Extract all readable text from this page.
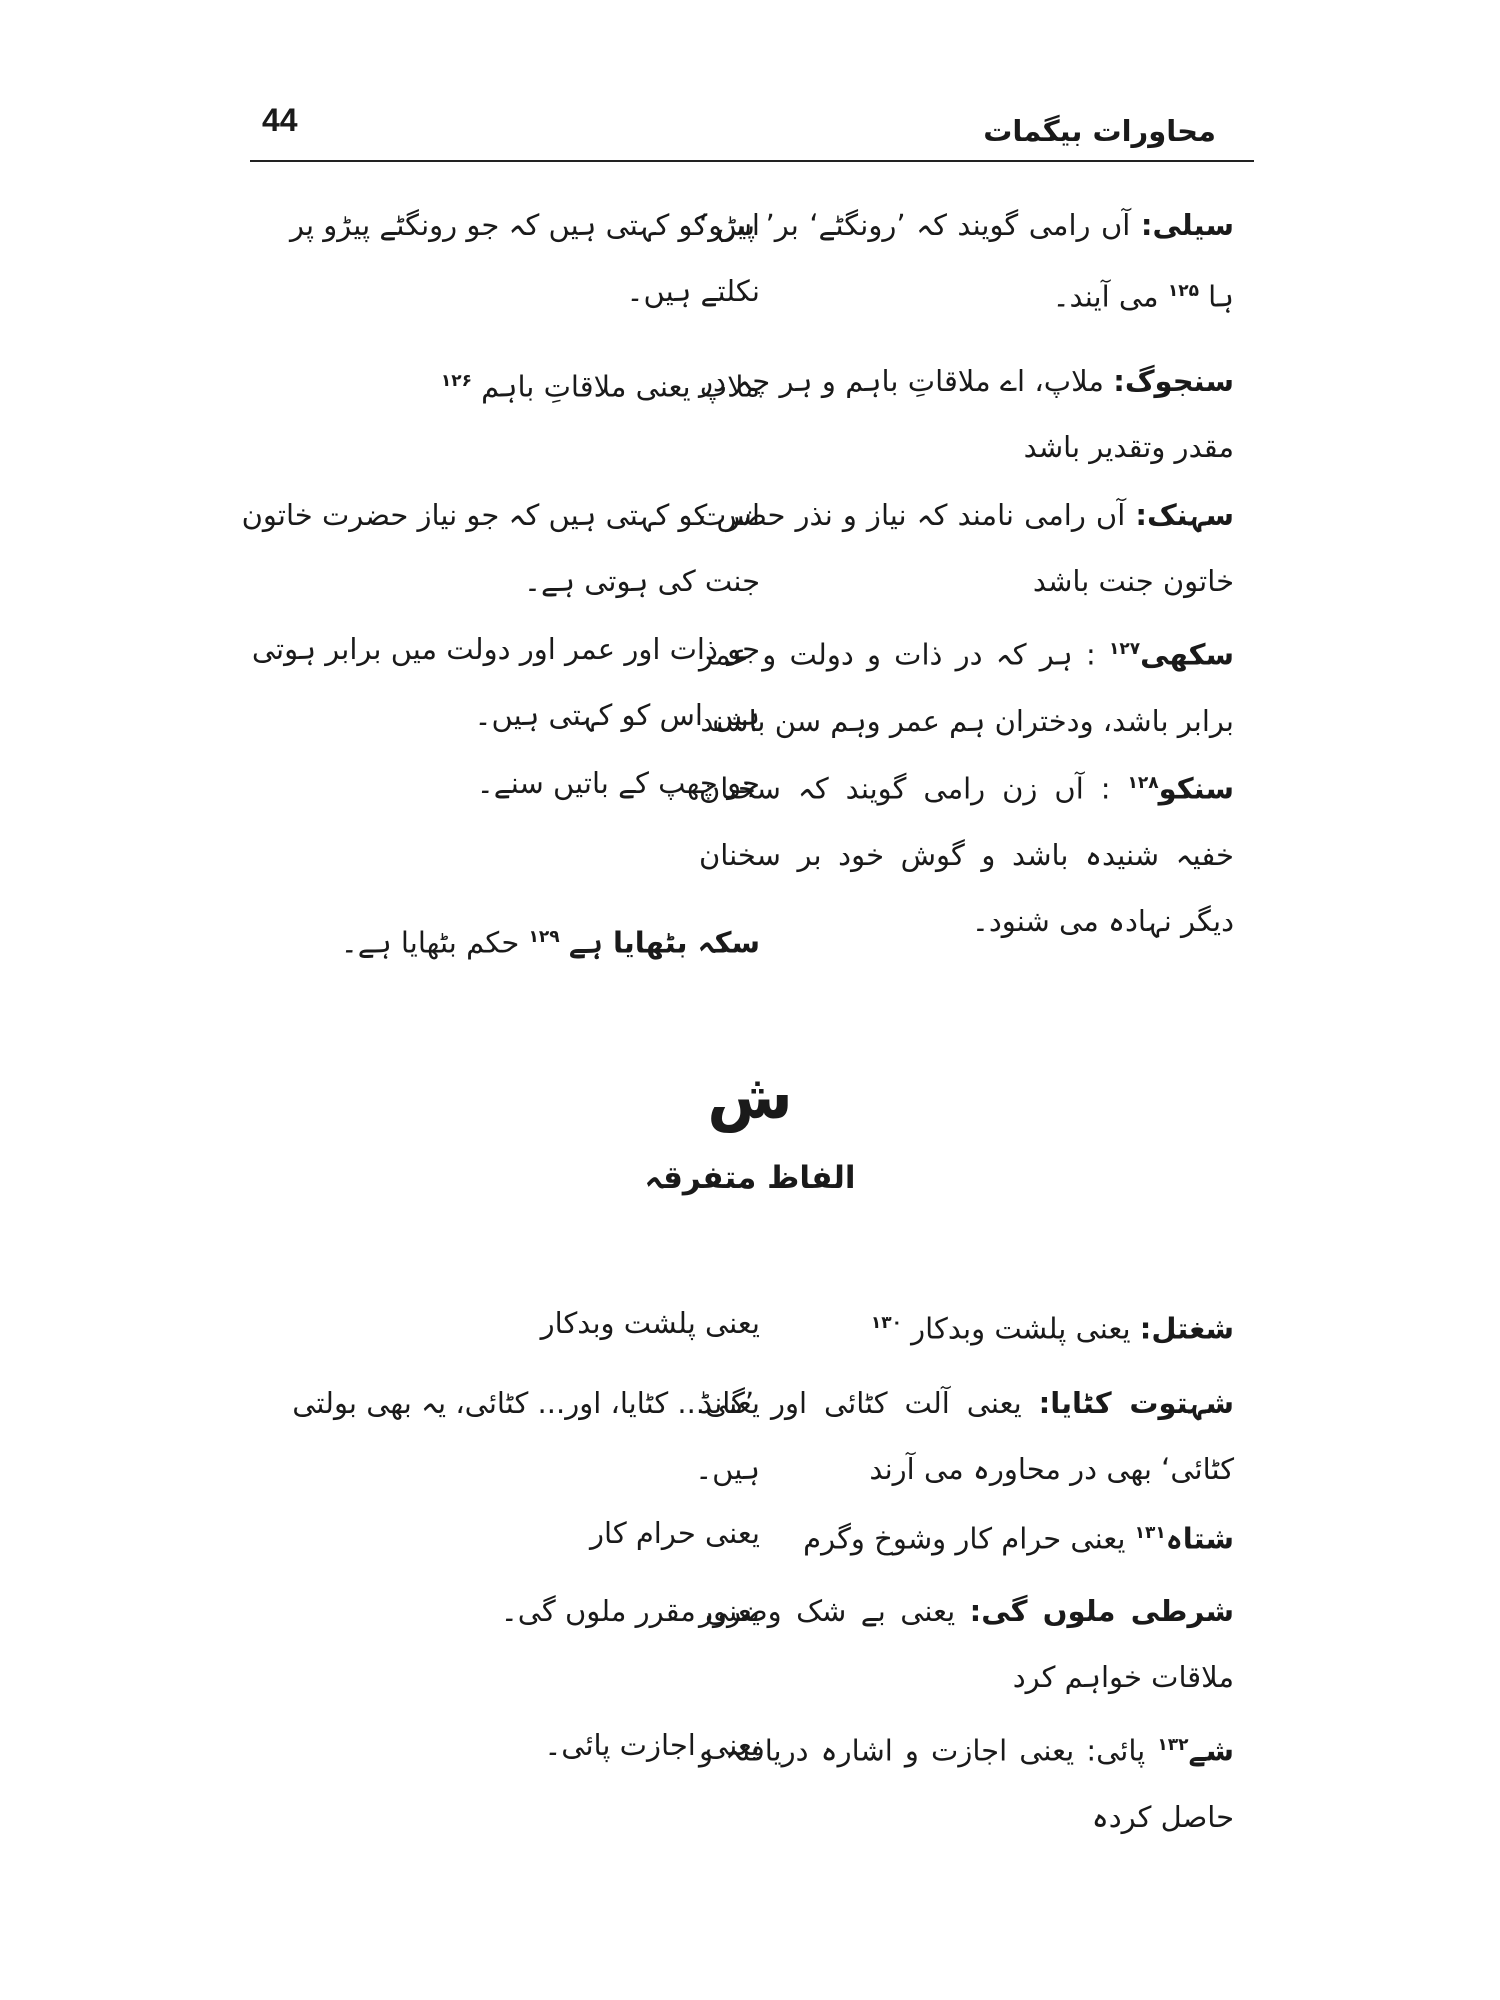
44	محاورات بیگمات
سیلی: آں رامی گویند کہ ’رونگٹے‘ بر’ پیڑو‘ ہا $^{۱۲۵}$ می آیند۔
اس کو کہتی ہیں کہ جو رونگٹے پیڑو پر نکلتے ہیں۔
سنجوگ: ملاپ، اے ملاقاتِ باہم و ہر چہ در مقدر وتقدیر باشد
ملاپ یعنی ملاقاتِ باہم $^{۱۲۶}$
سہنک: آں رامی نامند کہ نیاز و نذر حضرت خاتون جنت باشد
اس کو کہتی ہیں کہ جو نیاز حضرت خاتون جنت کی ہوتی ہے۔
سکھی$^{۱۲۷}$ : ہر کہ در ذات و دولت و عمر برابر باشد، ودختران ہم عمر وہم سن باشند
جو ذات اور عمر اور دولت میں برابر ہوتی ہیں اس کو کہتی ہیں۔
سنکو$^{۱۲۸}$ : آں زن رامی گویند کہ سخنان خفیہ شنیدہ باشد و گوش خود بر سخنان دیگر نہادہ می شنود۔
جو چھپ کے باتیں سنے۔
سکہ بٹھایا ہے $^{۱۲۹}$ حکم بٹھایا ہے۔
ش
الفاظ متفرقہ
شغتل: یعنی پلشت وبدکار $^{۱۳۰}$
یعنی پلشت وبدکار
شہتوت کٹایا: یعنی آلت کٹائی اور ’گانڈ کٹائی‘ بھی در محاورہ می آرند
یعنی... کٹایا، اور... کٹائی، یہ بھی بولتی ہیں۔
شتاہ$^{۱۳۱}$ یعنی حرام کار وشوخ وگرم
یعنی حرام کار
شرطی ملوں گی: یعنی بے شک وضرور ملاقات خواہم کرد
یعنی مقرر ملوں گی۔
شے$^{۱۳۲}$ پائی: یعنی اجازت و اشارہ دریافتہ و حاصل کردہ
یعنی اجازت پائی۔
